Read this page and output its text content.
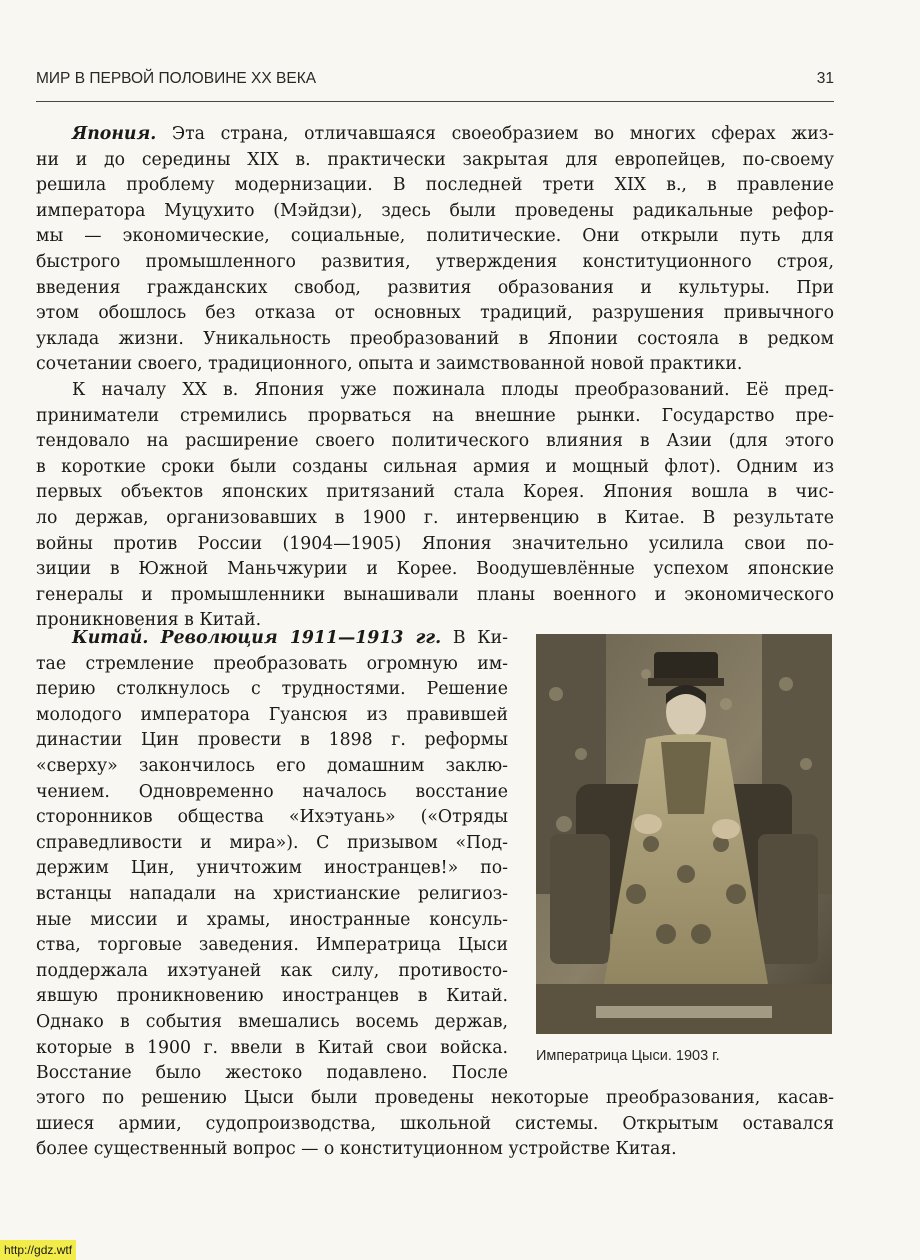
МИР В ПЕРВОЙ ПОЛОВИНЕ XX ВЕКА	31
Япония. Эта страна, отличавшаяся своеобразием во многих сферах жиз-
ни и до середины XIX в. практически закрытая для европейцев, по-своему
решила проблему модернизации. В последней трети XIX в., в правление
императора Муцухито (Мэйдзи), здесь были проведены радикальные рефор-
мы — экономические, социальные, политические. Они открыли путь для
быстрого промышленного развития, утверждения конституционного строя,
введения гражданских свобод, развития образования и культуры. При
этом обошлось без отказа от основных традиций, разрушения привычного
уклада жизни. Уникальность преобразований в Японии состояла в редком
сочетании своего, традиционного, опыта и заимствованной новой практики.
К началу XX в. Япония уже пожинала плоды преобразований. Её пред-
приниматели стремились прорваться на внешние рынки. Государство пре-
тендовало на расширение своего политического влияния в Азии (для этого
в короткие сроки были созданы сильная армия и мощный флот). Одним из
первых объектов японских притязаний стала Корея. Япония вошла в чис-
ло держав, организовавших в 1900 г. интервенцию в Китае. В результате
войны против России (1904—1905) Япония значительно усилила свои по-
зиции в Южной Маньчжурии и Корее. Воодушевлённые успехом японские
генералы и промышленники вынашивали планы военного и экономического
проникновения в Китай.
Китай. Революция 1911—1913 гг. В Ки-
тае стремление преобразовать огромную им-
перию столкнулось с трудностями. Решение
молодого императора Гуансюя из правившей
династии Цин провести в 1898 г. реформы
«сверху» закончилось его домашним заклю-
чением. Одновременно началось восстание
сторонников общества «Ихэтуань» («Отряды
справедливости и мира»). С призывом «Под-
держим Цин, уничтожим иностранцев!» по-
встанцы нападали на христианские религиоз-
ные миссии и храмы, иностранные консуль-
ства, торговые заведения. Императрица Цыси
поддержала ихэтуаней как силу, противосто-
явшую проникновению иностранцев в Китай.
Однако в события вмешались восемь держав,
которые в 1900 г. ввели в Китай свои войска.
Восстание было жестоко подавлено. После
этого по решению Цыси были проведены некоторые преобразования, касав-
шиеся армии, судопроизводства, школьной системы. Открытым оставался
более существенный вопрос — о конституционном устройстве Китая.
Императрица Цыси. 1903 г.
http://gdz.wtf
